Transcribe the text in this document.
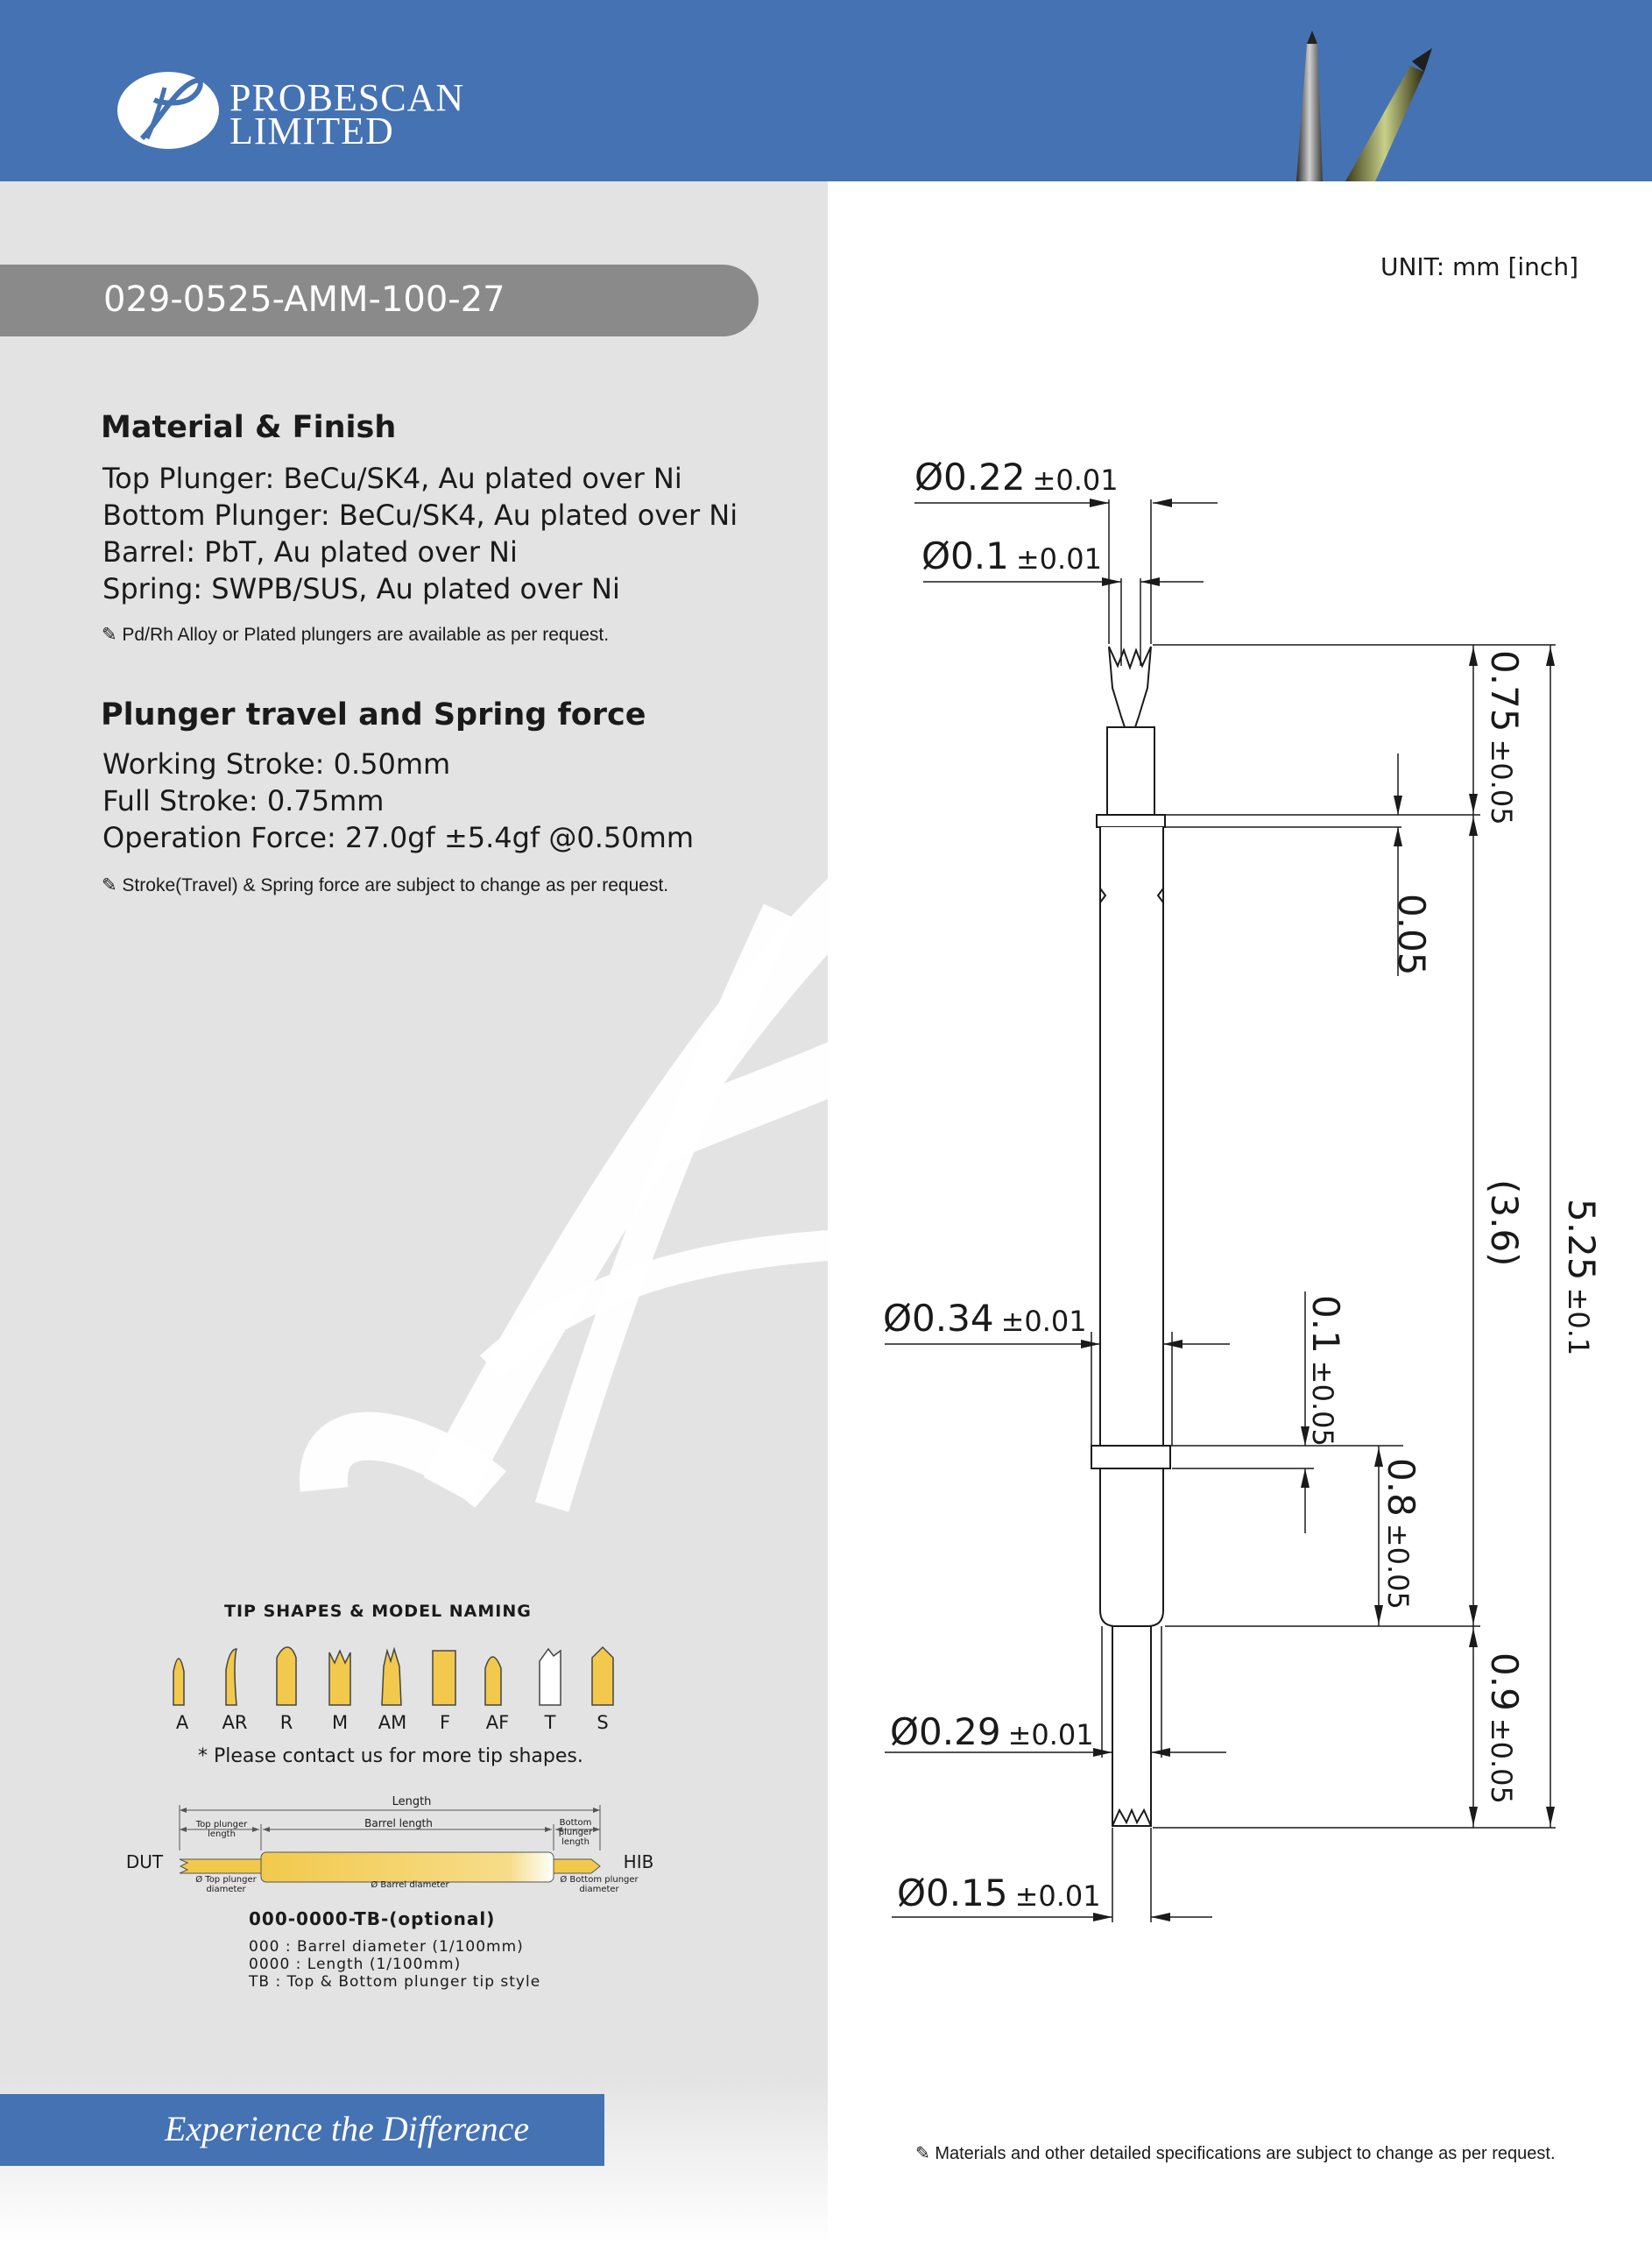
PROBESCAN
LIMITED
029-0525-AMM-100-27
UNIT: mm [inch]
Material & Finish
Top Plunger: BeCu/SK4, Au plated over Ni
Bottom Plunger: BeCu/SK4, Au plated over Ni
Barrel: PbT, Au plated over Ni
Spring: SWPB/SUS, Au plated over Ni
✎ Pd/Rh Alloy or Plated plungers are available as per request.
Plunger travel and Spring force
Working Stroke: 0.50mm
Full Stroke: 0.75mm
Operation Force: 27.0gf ±5.4gf @0.50mm
✎ Stroke(Travel) & Spring force are subject to change as per request.
Ø0.22 ±0.01
Ø0.1 ±0.01
Ø0.34 ±0.01
Ø0.29 ±0.01
Ø0.15 ±0.01
0.75±0.05
0.05
(3.6) 5.25±0.1
0.1±0.05
0.8±0.05
0.9±0.05
TIP SHAPES & MODEL NAMING
A	AR	R	M	AM	F	AF	T	S
* Please contact us for more tip shapes.
Length
Top plunger length
Barrel length	Bottom plunger length
DUT	HIB
Ø Top plunger diameter	Ø Barrel diameter
Ø Bottom plunger diameter
000-0000-TB-(optional)
000 : Barrel diameter (1/100mm)
0000 : Length (1/100mm)
TB : Top & Bottom plunger tip style
Experience the Difference
✎ Materials and other detailed specifications are subject to change as per request.
